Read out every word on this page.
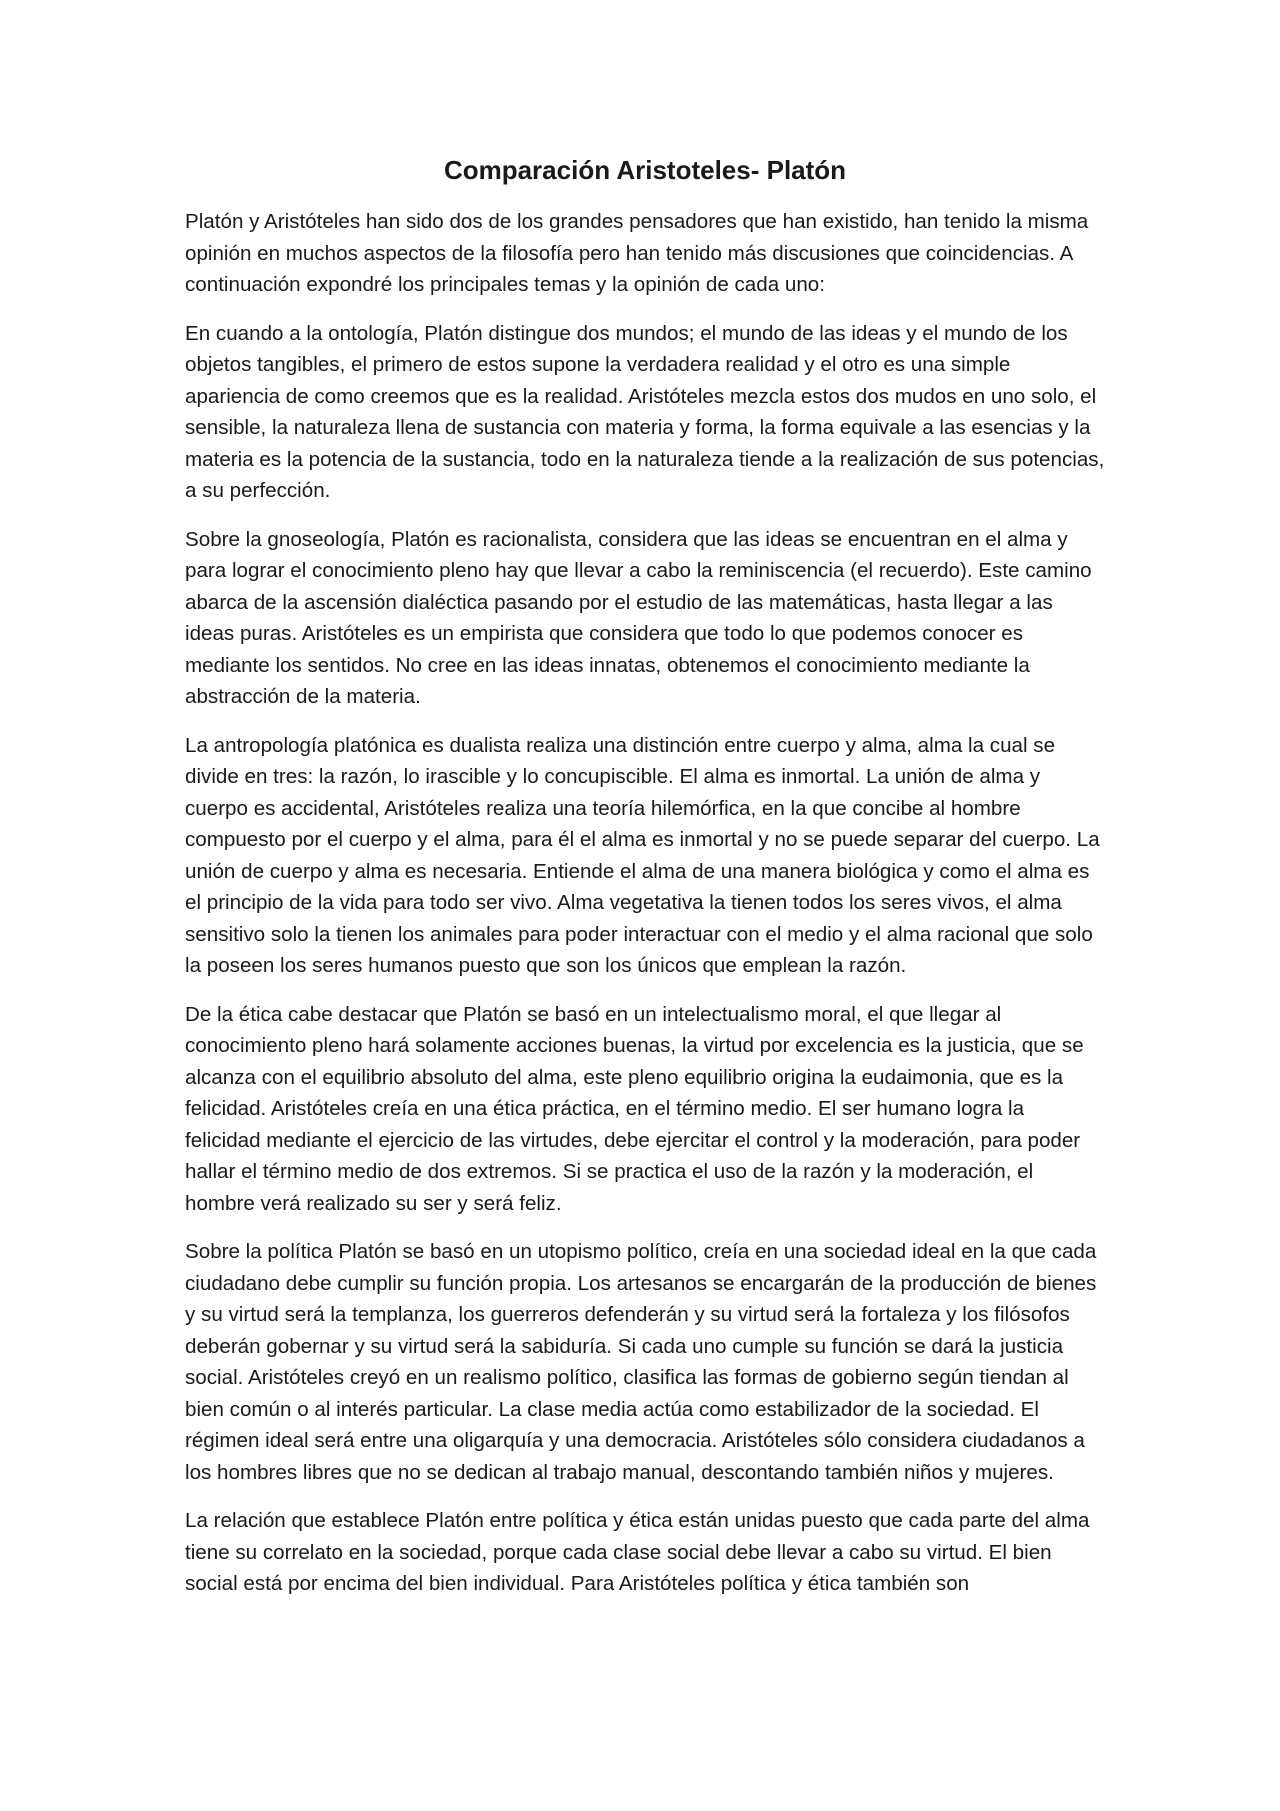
Comparación Aristoteles- Platón

Platón y Aristóteles han sido dos de los grandes pensadores que han existido, han tenido la misma opinión en muchos aspectos de la filosofía pero han tenido más discusiones que coincidencias. A continuación expondré los principales temas y la opinión de cada uno:

En cuando a la ontología, Platón distingue dos mundos; el mundo de las ideas y el mundo de los objetos tangibles, el primero de estos supone la verdadera realidad y el otro es una simple apariencia de como creemos que es la realidad. Aristóteles mezcla estos dos mudos en uno solo, el sensible, la naturaleza llena de sustancia con materia y forma, la forma equivale a las esencias y la materia es la potencia de la sustancia, todo en la naturaleza tiende a la realización de sus potencias, a su perfección.

Sobre la gnoseología, Platón es racionalista, considera que las ideas se encuentran en el alma y para lograr el conocimiento pleno hay que llevar a cabo la reminiscencia (el recuerdo). Este camino abarca de la ascensión dialéctica pasando por el estudio de las matemáticas, hasta llegar a las ideas puras. Aristóteles es un empirista que considera que todo lo que podemos conocer es mediante los sentidos. No cree en las ideas innatas, obtenemos el conocimiento mediante la abstracción de la materia.

La antropología platónica es dualista realiza una distinción entre cuerpo y alma, alma la cual se divide en tres: la razón, lo irascible y lo concupiscible. El alma es inmortal. La unión de alma y cuerpo es accidental, Aristóteles realiza una teoría hilemórfica, en la que concibe al hombre compuesto por el cuerpo y el alma, para él el alma es inmortal y no se puede separar del cuerpo. La unión de cuerpo y alma es necesaria. Entiende el alma de una manera biológica y como el alma es el principio de la vida para todo ser vivo. Alma vegetativa la tienen todos los seres vivos, el alma sensitivo solo la tienen los animales para poder interactuar con el medio y el alma racional que solo la poseen los seres humanos puesto que son los únicos que emplean la razón.

De la ética cabe destacar que Platón se basó en un intelectualismo moral, el que llegar al conocimiento pleno hará solamente acciones buenas, la virtud por excelencia es la justicia, que se alcanza con el equilibrio absoluto del alma, este pleno equilibrio origina la eudaimonia, que es la felicidad. Aristóteles creía en una ética práctica, en el término medio. El ser humano logra la felicidad mediante el ejercicio de las virtudes, debe ejercitar el control y la moderación, para poder hallar el término medio de dos extremos. Si se practica el uso de la razón y la moderación, el hombre verá realizado su ser y será feliz.

Sobre la política Platón se basó en un utopismo político, creía en una sociedad ideal en la que cada ciudadano debe cumplir su función propia. Los artesanos se encargarán de la producción de bienes y su virtud será la templanza, los guerreros defenderán y su virtud será la fortaleza y los filósofos deberán gobernar y su virtud será la sabiduría. Si cada uno cumple su función se dará la justicia social. Aristóteles creyó en un realismo político, clasifica las formas de gobierno según tiendan al bien común o al interés particular. La clase media actúa como estabilizador de la sociedad. El régimen ideal será entre una oligarquía y una democracia. Aristóteles sólo considera ciudadanos a los hombres libres que no se dedican al trabajo manual, descontando también niños y mujeres.

La relación que establece Platón entre política y ética están unidas puesto que cada parte del alma tiene su correlato en la sociedad, porque cada clase social debe llevar a cabo su virtud. El bien social está por encima del bien individual. Para Aristóteles política y ética también son
